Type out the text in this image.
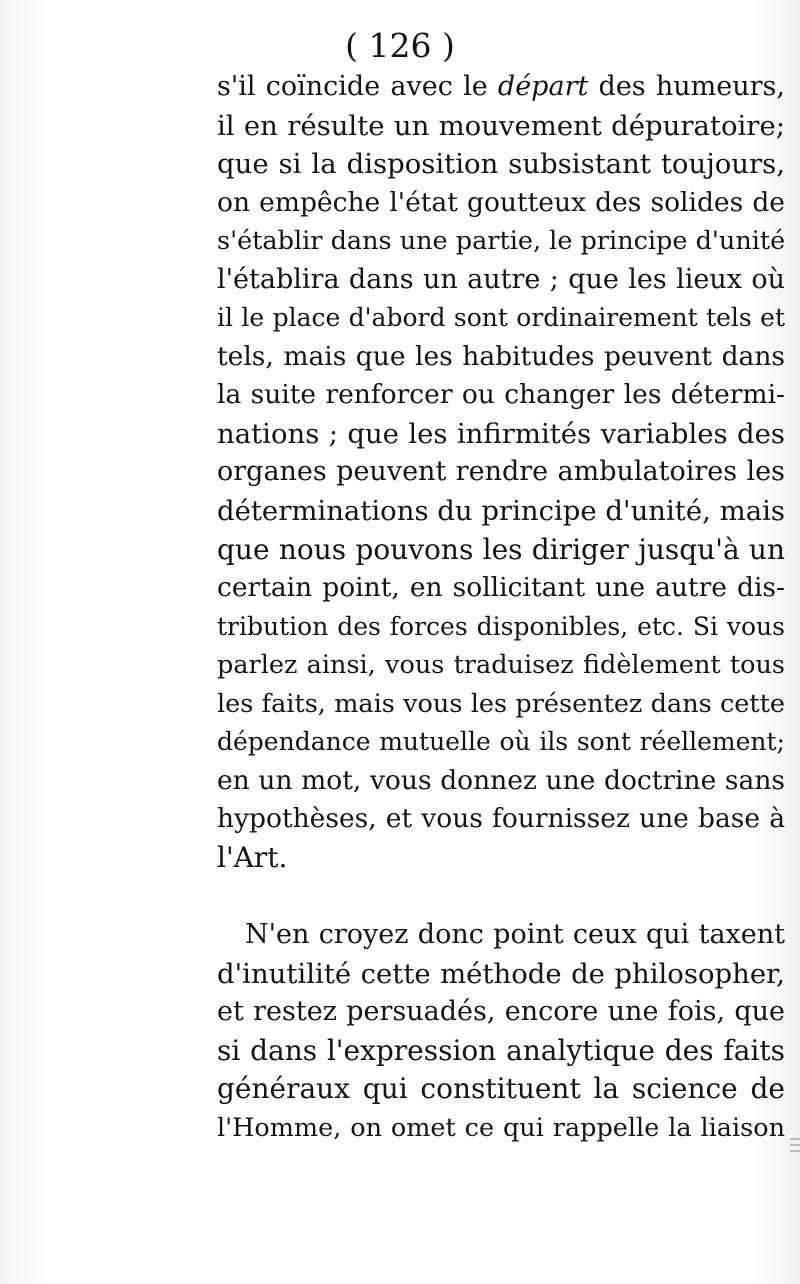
( 126 )
s'il coïncide avec le départ des humeurs,
il en résulte un mouvement dépuratoire;
que si la disposition subsistant toujours,
on empêche l'état goutteux des solides de
s'établir dans une partie, le principe d'unité
l'établira dans un autre ; que les lieux où
il le place d'abord sont ordinairement tels et
tels, mais que les habitudes peuvent dans
la suite renforcer ou changer les détermi-
nations ; que les infirmités variables des
organes peuvent rendre ambulatoires les
déterminations du principe d'unité, mais
que nous pouvons les diriger jusqu'à un
certain point, en sollicitant une autre dis-
tribution des forces disponibles, etc. Si vous
parlez ainsi, vous traduisez fidèlement tous
les faits, mais vous les présentez dans cette
dépendance mutuelle où ils sont réellement;
en un mot, vous donnez une doctrine sans
hypothèses, et vous fournissez une base à
l'Art.
N'en croyez donc point ceux qui taxent
d'inutilité cette méthode de philosopher,
et restez persuadés, encore une fois, que
si dans l'expression analytique des faits
généraux qui constituent la science de
l'Homme, on omet ce qui rappelle la liaison
